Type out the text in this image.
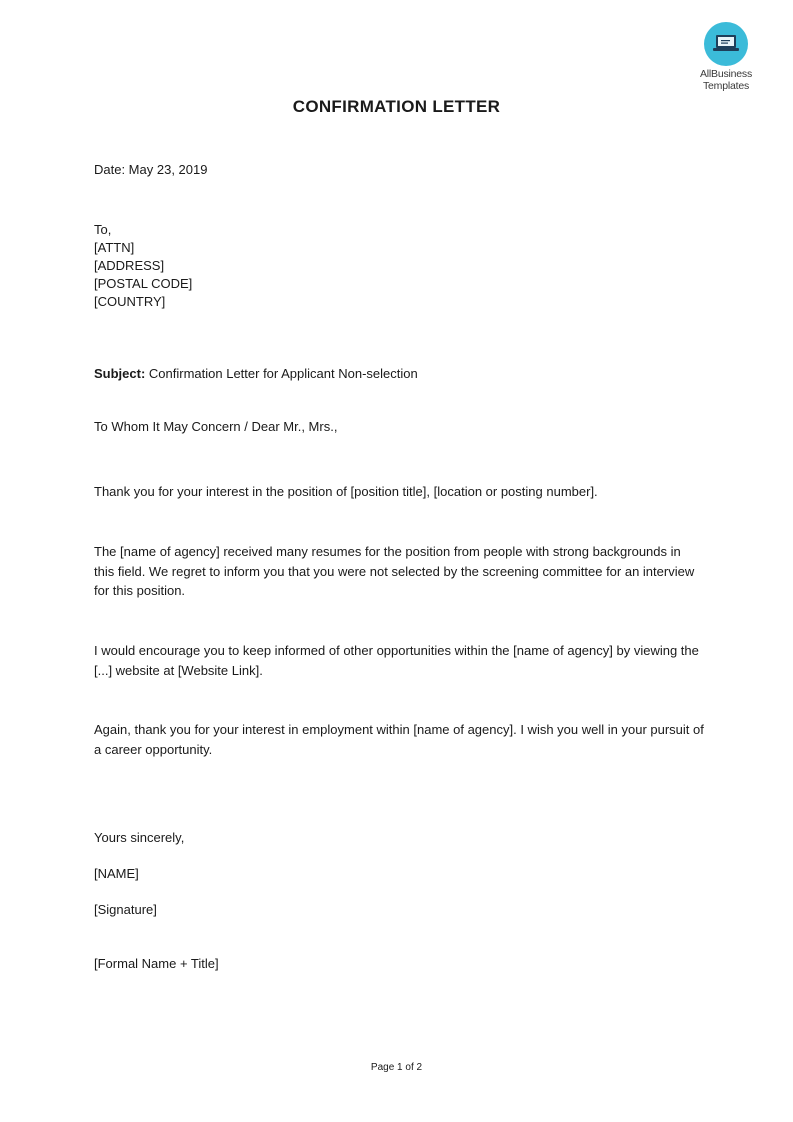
AllBusiness
Templates
CONFIRMATION LETTER

Date: May 23, 2019

To,

[ATTN]

[ADDRESS]

[POSTAL CODE]

[COUNTRY]

Subject: Confirmation Letter for Applicant Non-selection

To Whom It May Concern / Dear Mr., Mrs.,

Thank you for your interest in the position of [position title], [location or posting number].

The [name of agency] received many resumes for the position from people with strong backgrounds in this field. We regret to inform you that you were not selected by the screening committee for an interview for this position.

I would encourage you to keep informed of other opportunities within the [name of agency] by viewing the [...] website at [Website Link].

Again, thank you for your interest in employment within [name of agency]. I wish you well in your pursuit of a career opportunity.

Yours sincerely,

[NAME]

[Signature]

[Formal Name + Title]

Page 1 of 2
